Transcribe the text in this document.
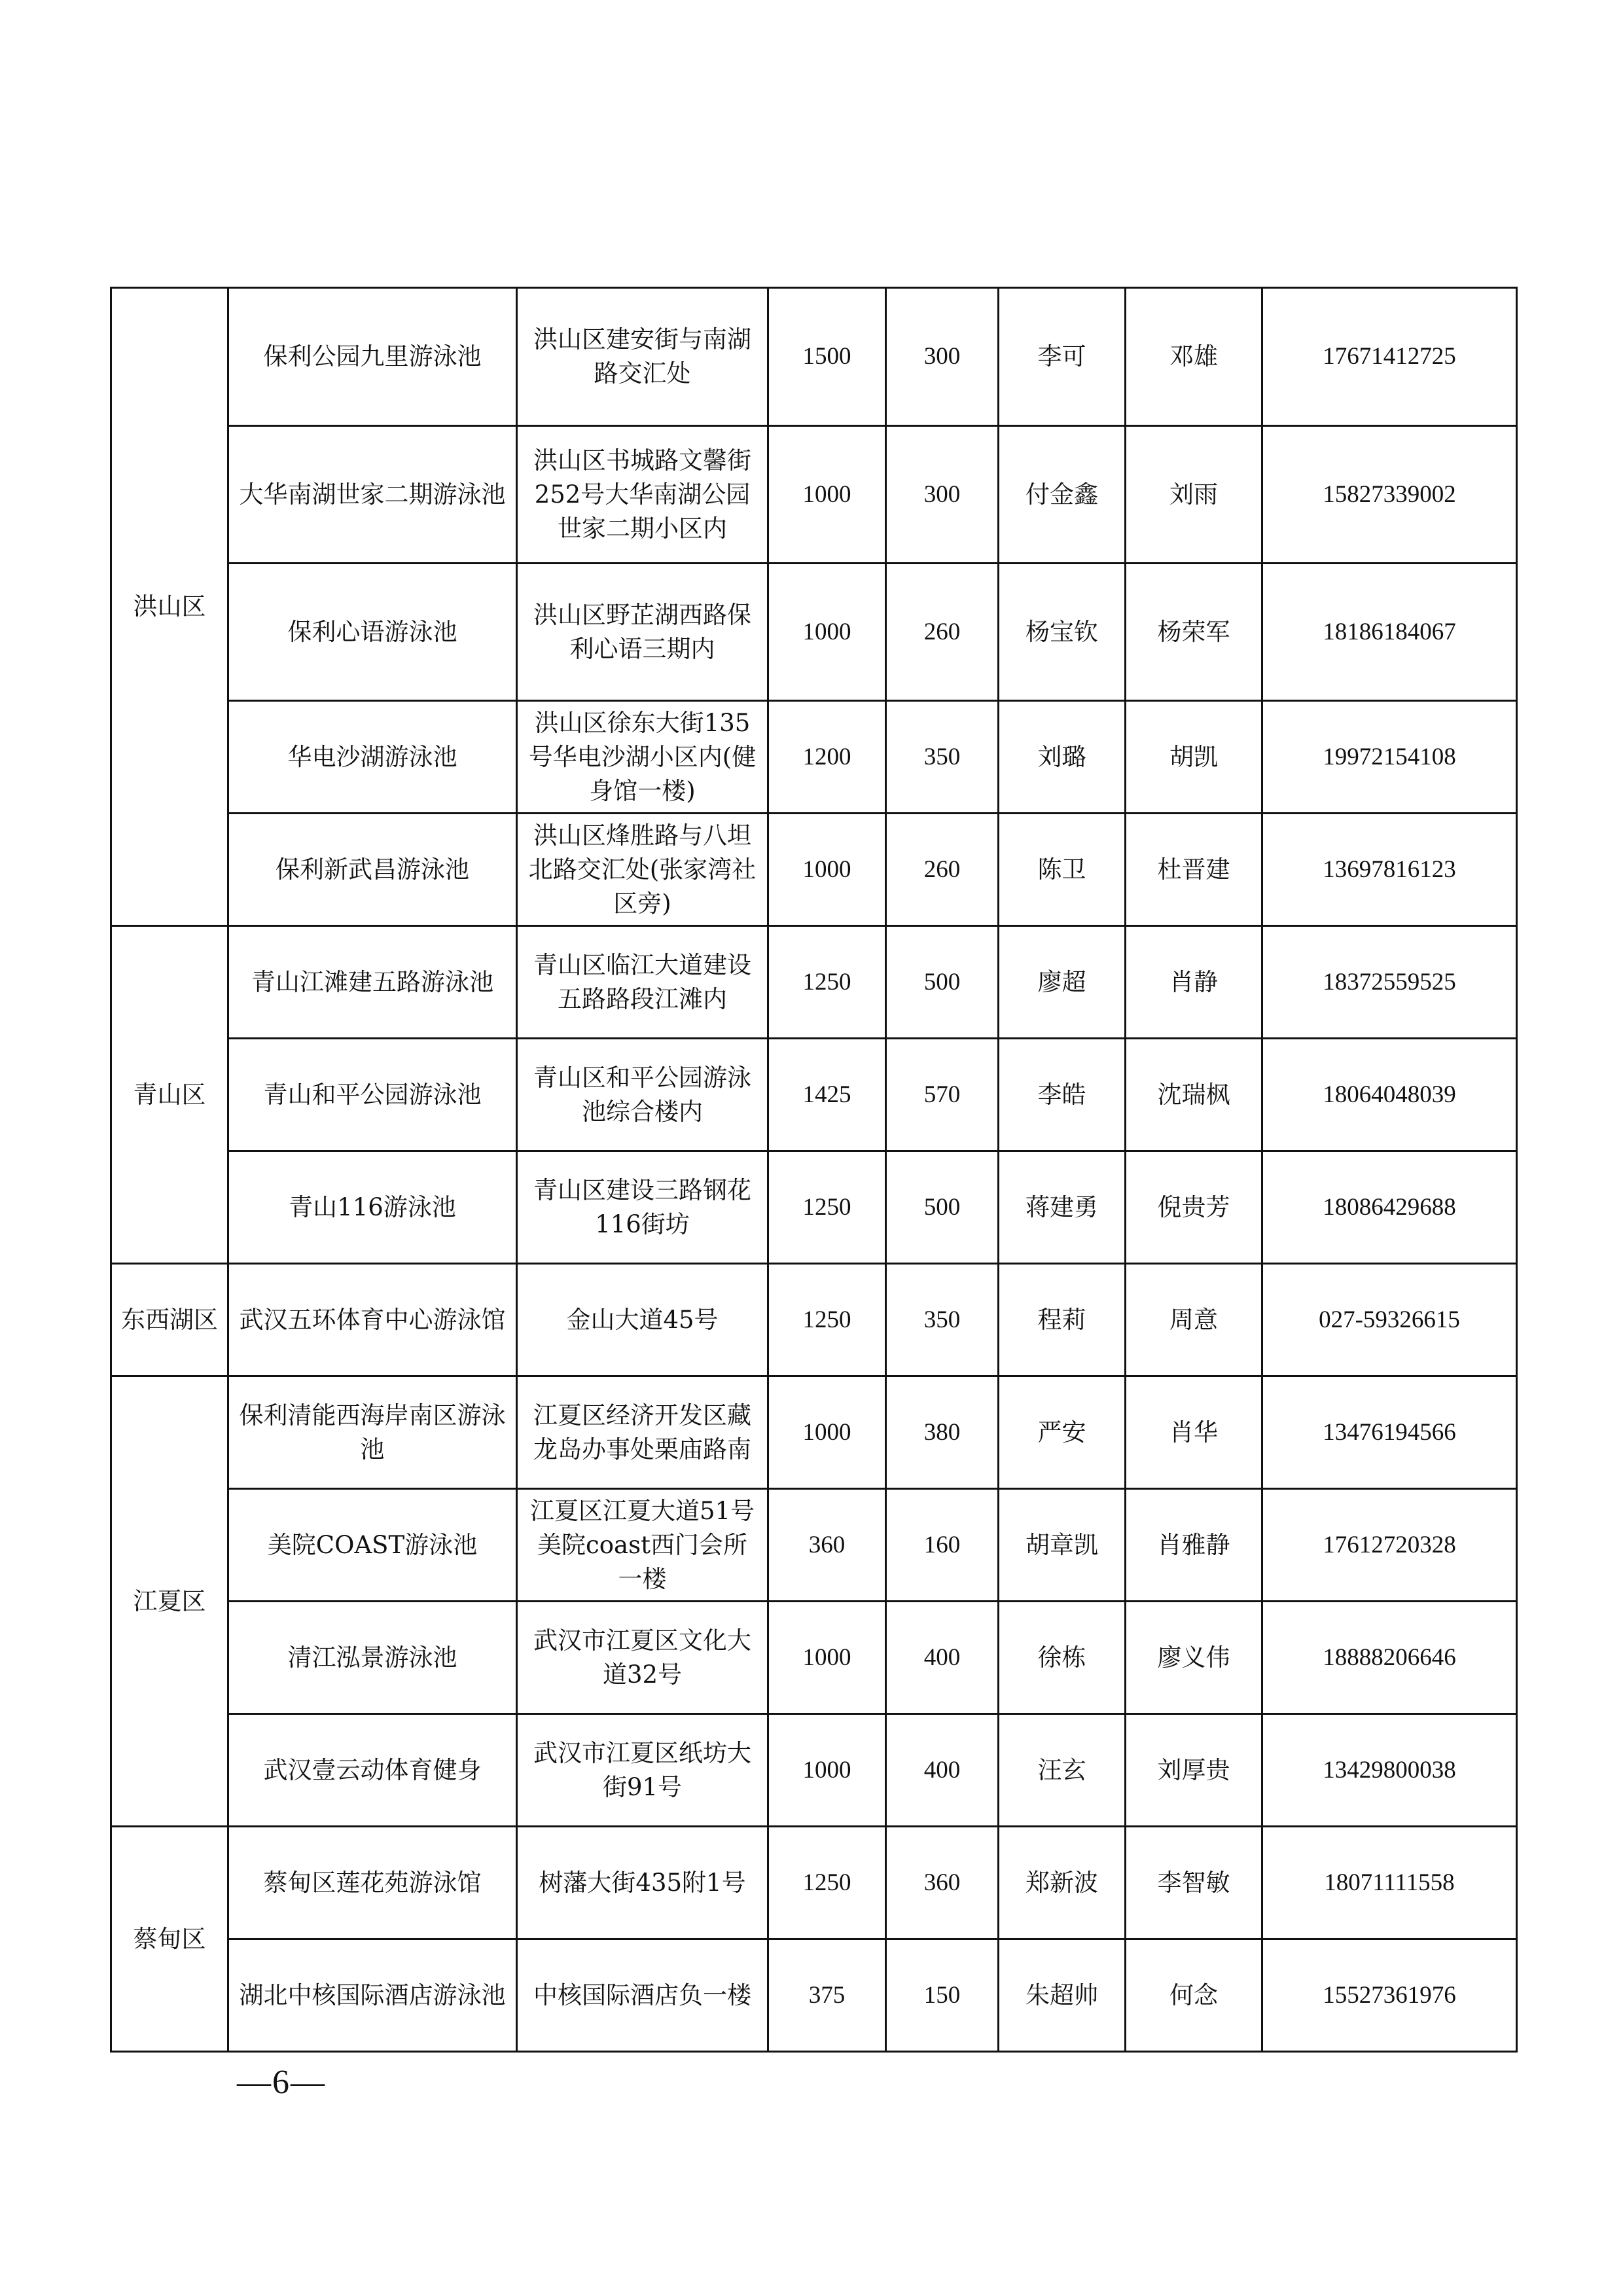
洪山区	保利公园九里游泳池	洪山区建安街与南湖路交汇处	1500	300	李可	邓雄	17671412725
	大华南湖世家二期游泳池	洪山区书城路文馨街252号大华南湖公园世家二期小区内	1000	300	付金鑫	刘雨	15827339002
	保利心语游泳池	洪山区野芷湖西路保利心语三期内	1000	260	杨宝钦	杨荣军	18186184067
	华电沙湖游泳池	洪山区徐东大街135号华电沙湖小区内(健身馆一楼)	1200	350	刘璐	胡凯	19972154108
	保利新武昌游泳池	洪山区烽胜路与八坦北路交汇处(张家湾社区旁)	1000	260	陈卫	杜晋建	13697816123
青山区	青山江滩建五路游泳池	青山区临江大道建设五路路段江滩内	1250	500	廖超	肖静	18372559525
	青山和平公园游泳池	青山区和平公园游泳池综合楼内	1425	570	李皓	沈瑞枫	18064048039
	青山116游泳池	青山区建设三路钢花116街坊	1250	500	蒋建勇	倪贵芳	18086429688
东西湖区	武汉五环体育中心游泳馆	金山大道45号	1250	350	程莉	周意	027-59326615
江夏区	保利清能西海岸南区游泳池	江夏区经济开发区藏龙岛办事处栗庙路南	1000	380	严安	肖华	13476194566
	美院COAST游泳池	江夏区江夏大道51号美院coast西门会所一楼	360	160	胡章凯	肖雅静	17612720328
	清江泓景游泳池	武汉市江夏区文化大道32号	1000	400	徐栋	廖义伟	18888206646
	武汉壹云动体育健身	武汉市江夏区纸坊大街91号	1000	400	汪玄	刘厚贵	13429800038
蔡甸区	蔡甸区莲花苑游泳馆	树藩大街435附1号	1250	360	郑新波	李智敏	18071111558
	湖北中核国际酒店游泳池	中核国际酒店负一楼	375	150	朱超帅	何念	15527361976
—6—
